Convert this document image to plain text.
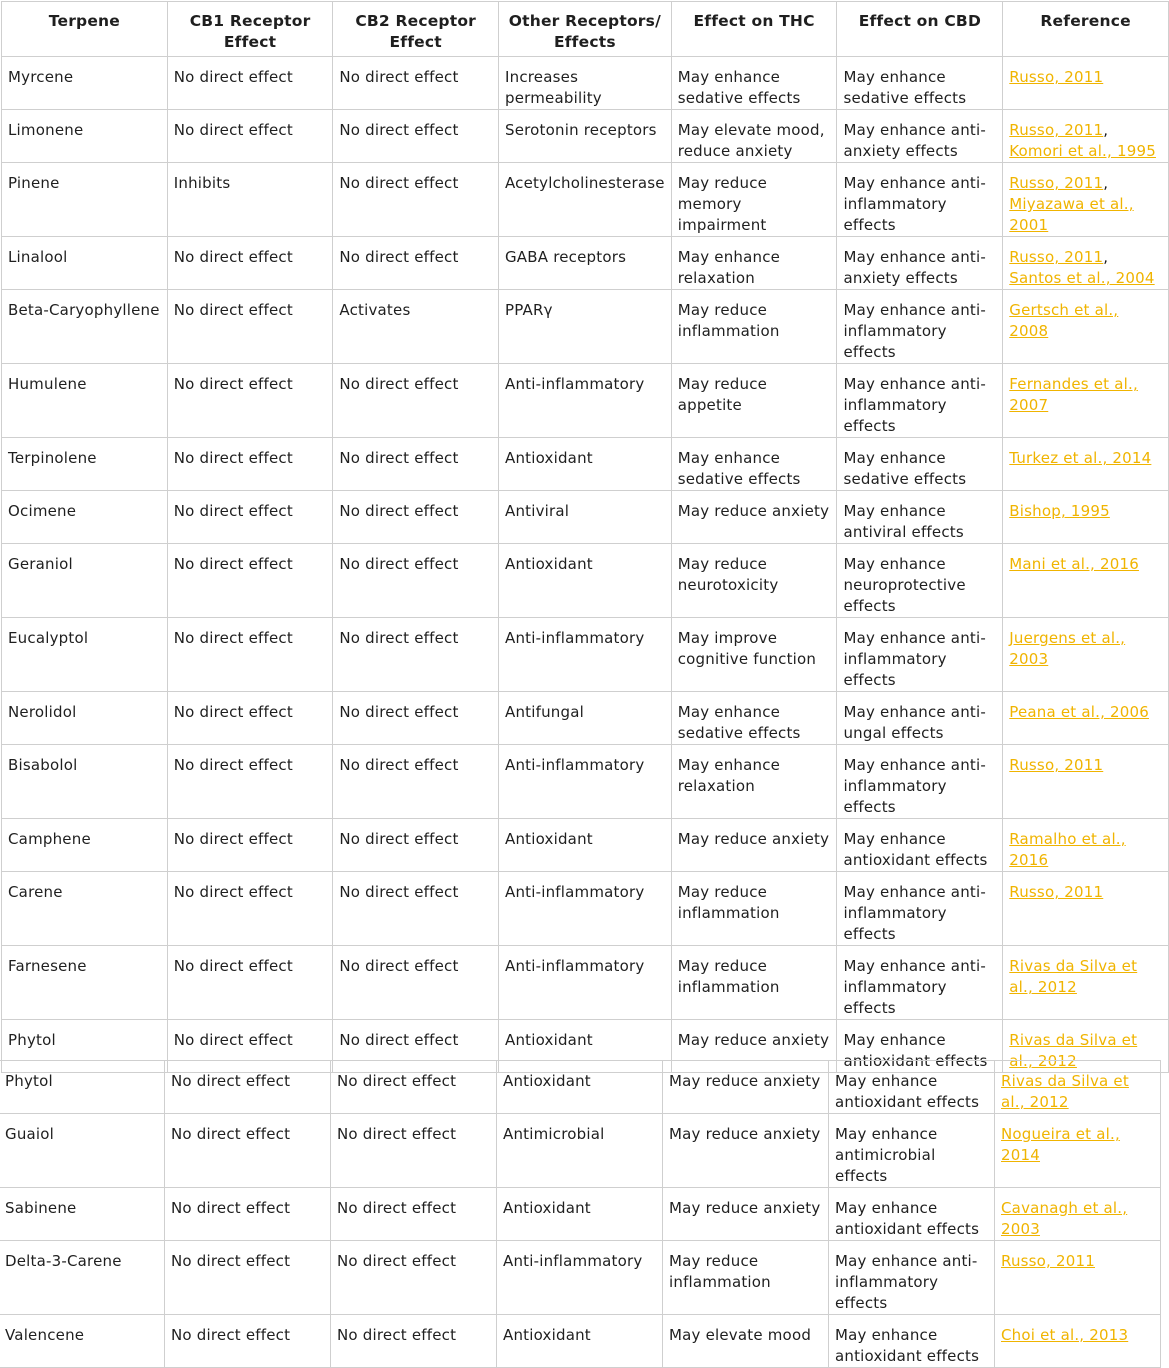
Terpene	CB1 Receptor Effect	CB2 Receptor Effect	Other Receptors/ Effects	Effect on THC	Effect on CBD	Reference
Myrcene	No direct effect	No direct effect	Increases permeability	May enhance sedative effects	May enhance sedative effects	Russo, 2011
Limonene	No direct effect	No direct effect	Serotonin receptors	May elevate mood, reduce anxiety	May enhance anti-anxiety effects	Russo, 2011, Komori et al., 1995
Pinene	Inhibits	No direct effect	Acetylcholinesterase	May reduce memory impairment	May enhance anti-inflammatory effects	Russo, 2011, Miyazawa et al., 2001
Linalool	No direct effect	No direct effect	GABA receptors	May enhance relaxation	May enhance anti-anxiety effects	Russo, 2011, Santos et al., 2004
Beta-Caryophyllene	No direct effect	Activates	PPARγ	May reduce inflammation	May enhance anti-inflammatory effects	Gertsch et al., 2008
Humulene	No direct effect	No direct effect	Anti-inflammatory	May reduce appetite	May enhance anti-inflammatory effects	Fernandes et al., 2007
Terpinolene	No direct effect	No direct effect	Antioxidant	May enhance sedative effects	May enhance sedative effects	Turkez et al., 2014
Ocimene	No direct effect	No direct effect	Antiviral	May reduce anxiety	May enhance antiviral effects	Bishop, 1995
Geraniol	No direct effect	No direct effect	Antioxidant	May reduce neurotoxicity	May enhance neuroprotective effects	Mani et al., 2016
Eucalyptol	No direct effect	No direct effect	Anti-inflammatory	May improve cognitive function	May enhance anti-inflammatory effects	Juergens et al., 2003
Nerolidol	No direct effect	No direct effect	Antifungal	May enhance sedative effects	May enhance anti-ungal effects	Peana et al., 2006
Bisabolol	No direct effect	No direct effect	Anti-inflammatory	May enhance relaxation	May enhance anti-inflammatory effects	Russo, 2011
Camphene	No direct effect	No direct effect	Antioxidant	May reduce anxiety	May enhance antioxidant effects	Ramalho et al., 2016
Carene	No direct effect	No direct effect	Anti-inflammatory	May reduce inflammation	May enhance anti-inflammatory effects	Russo, 2011
Farnesene	No direct effect	No direct effect	Anti-inflammatory	May reduce inflammation	May enhance anti-inflammatory effects	Rivas da Silva et al., 2012
Phytol	No direct effect	No direct effect	Antioxidant	May reduce anxiety	May enhance antioxidant effects	Rivas da Silva et al., 2012
Phytol	No direct effect	No direct effect	Antioxidant	May reduce anxiety	May enhance antioxidant effects	Rivas da Silva et al., 2012
Guaiol	No direct effect	No direct effect	Antimicrobial	May reduce anxiety	May enhance antimicrobial effects	Nogueira et al., 2014
Sabinene	No direct effect	No direct effect	Antioxidant	May reduce anxiety	May enhance antioxidant effects	Cavanagh et al., 2003
Delta-3-Carene	No direct effect	No direct effect	Anti-inflammatory	May reduce inflammation	May enhance anti-inflammatory effects	Russo, 2011
Valencene	No direct effect	No direct effect	Antioxidant	May elevate mood	May enhance antioxidant effects	Choi et al., 2013
